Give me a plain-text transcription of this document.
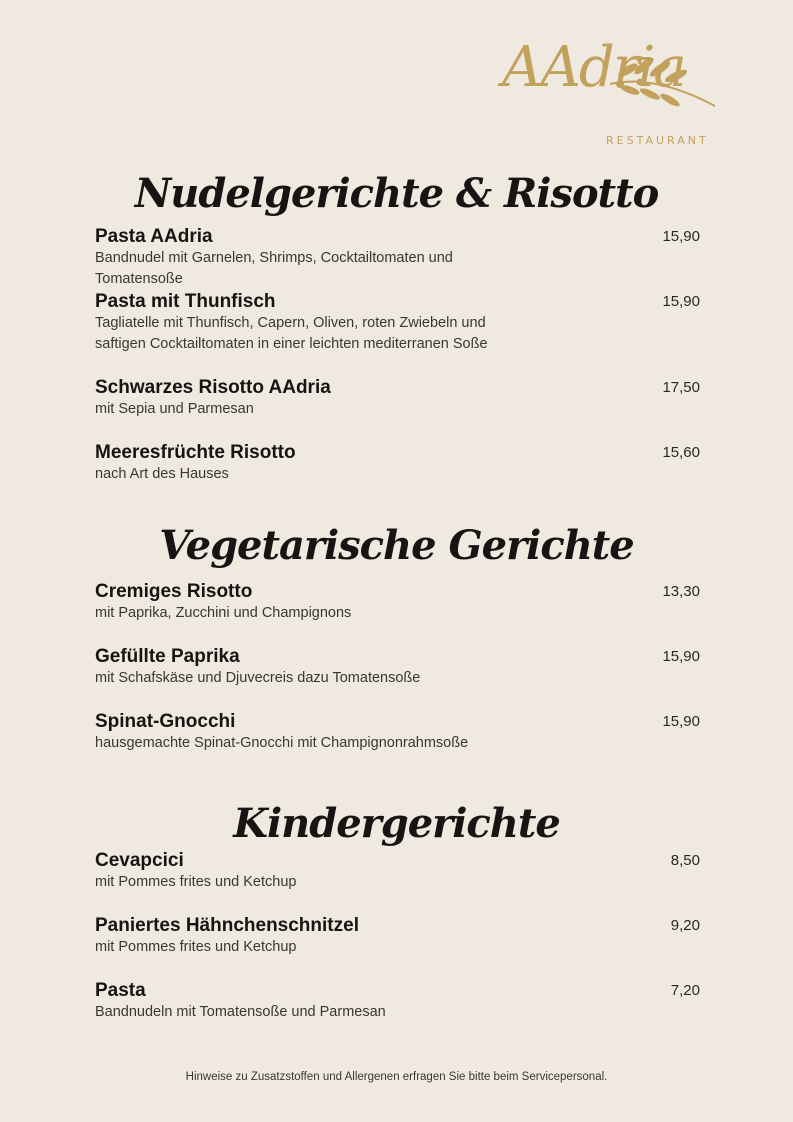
AAdria
RESTAURANT
Nudelgerichte & Risotto
Pasta AAdria	15,90
Bandnudel mit Garnelen, Shrimps, Cocktailtomaten und Tomatensoße
Pasta mit Thunfisch	15,90
Tagliatelle mit Thunfisch, Capern, Oliven, roten Zwiebeln und saftigen Cocktailtomaten in einer leichten mediterranen Soße
Schwarzes Risotto AAdria	17,50
mit Sepia und Parmesan
Meeresfrüchte Risotto	15,60
nach Art des Hauses
Vegetarische Gerichte
Cremiges Risotto	13,30
mit Paprika, Zucchini und Champignons
Gefüllte Paprika	15,90
mit Schafskäse und Djuvecreis dazu Tomatensoße
Spinat-Gnocchi	15,90
hausgemachte Spinat-Gnocchi mit Champignonrahmsoße
Kindergerichte
Cevapcici	8,50
mit Pommes frites und Ketchup
Paniertes Hähnchenschnitzel	9,20
mit Pommes frites und Ketchup
Pasta	7,20
Bandnudeln mit Tomatensoße und Parmesan
Hinweise zu Zusatzstoffen und Allergenen erfragen Sie bitte beim Servicepersonal.
